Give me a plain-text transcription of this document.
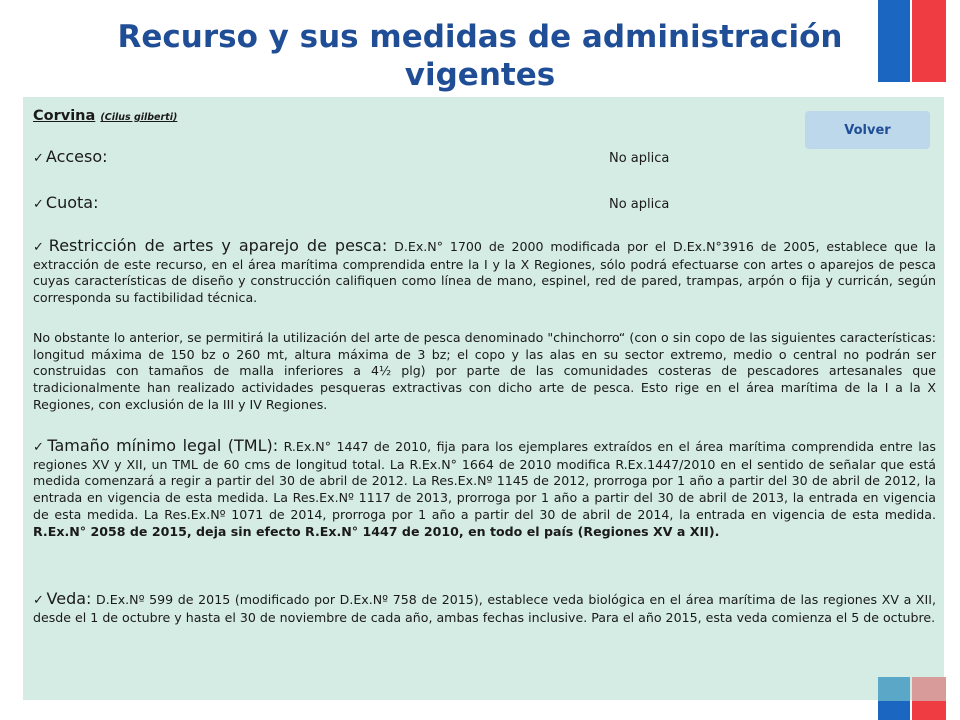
Recurso y sus medidas de administración
vigentes
Corvina (Cilus gilberti)
Volver
✓ Acceso:	No aplica
✓ Cuota:	No aplica
✓ Restricción de artes y aparejo de pesca: D.Ex.N° 1700 de 2000 modificada por el D.Ex.N°3916 de 2005, establece que la extracción de este recurso, en el área marítima comprendida entre la I y la X Regiones, sólo podrá efectuarse con artes o aparejos de pesca cuyas características de diseño y construcción califiquen como línea de mano, espinel, red de pared, trampas, arpón o fija y curricán, según corresponda su factibilidad técnica.
No obstante lo anterior, se permitirá la utilización del arte de pesca denominado "chinchorro“ (con o sin copo de las siguientes características: longitud máxima de 150 bz o 260 mt, altura máxima de 3 bz; el copo y las alas en su sector extremo, medio o central no podrán ser construidas con tamaños de malla inferiores a 4½ plg) por parte de las comunidades costeras de pescadores artesanales que tradicionalmente han realizado actividades pesqueras extractivas con dicho arte de pesca. Esto rige en el área marítima de la I a la X Regiones, con exclusión de la III y IV Regiones.
✓ Tamaño mínimo legal (TML): R.Ex.N° 1447 de 2010, fija para los ejemplares extraídos en el área marítima comprendida entre las regiones XV y XII, un TML de 60 cms de longitud total. La R.Ex.N° 1664 de 2010 modifica R.Ex.1447/2010 en el sentido de señalar que está medida comenzará a regir a partir del 30 de abril de 2012. La Res.Ex.Nº 1145 de 2012, prorroga por 1 año a partir del 30 de abril de 2012, la entrada en vigencia de esta medida. La Res.Ex.Nº 1117 de 2013, prorroga por 1 año a partir del 30 de abril de 2013, la entrada en vigencia de esta medida. La Res.Ex.Nº 1071 de 2014, prorroga por 1 año a partir del 30 de abril de 2014, la entrada en vigencia de esta medida. R.Ex.N° 2058 de 2015, deja sin efecto R.Ex.N° 1447 de 2010, en todo el país (Regiones XV a XII).
✓ Veda: D.Ex.Nº 599 de 2015 (modificado por D.Ex.Nº 758 de 2015), establece veda biológica en el área marítima de las regiones XV a XII, desde el 1 de octubre y hasta el 30 de noviembre de cada año, ambas fechas inclusive. Para el año 2015, esta veda comienza el 5 de octubre.
